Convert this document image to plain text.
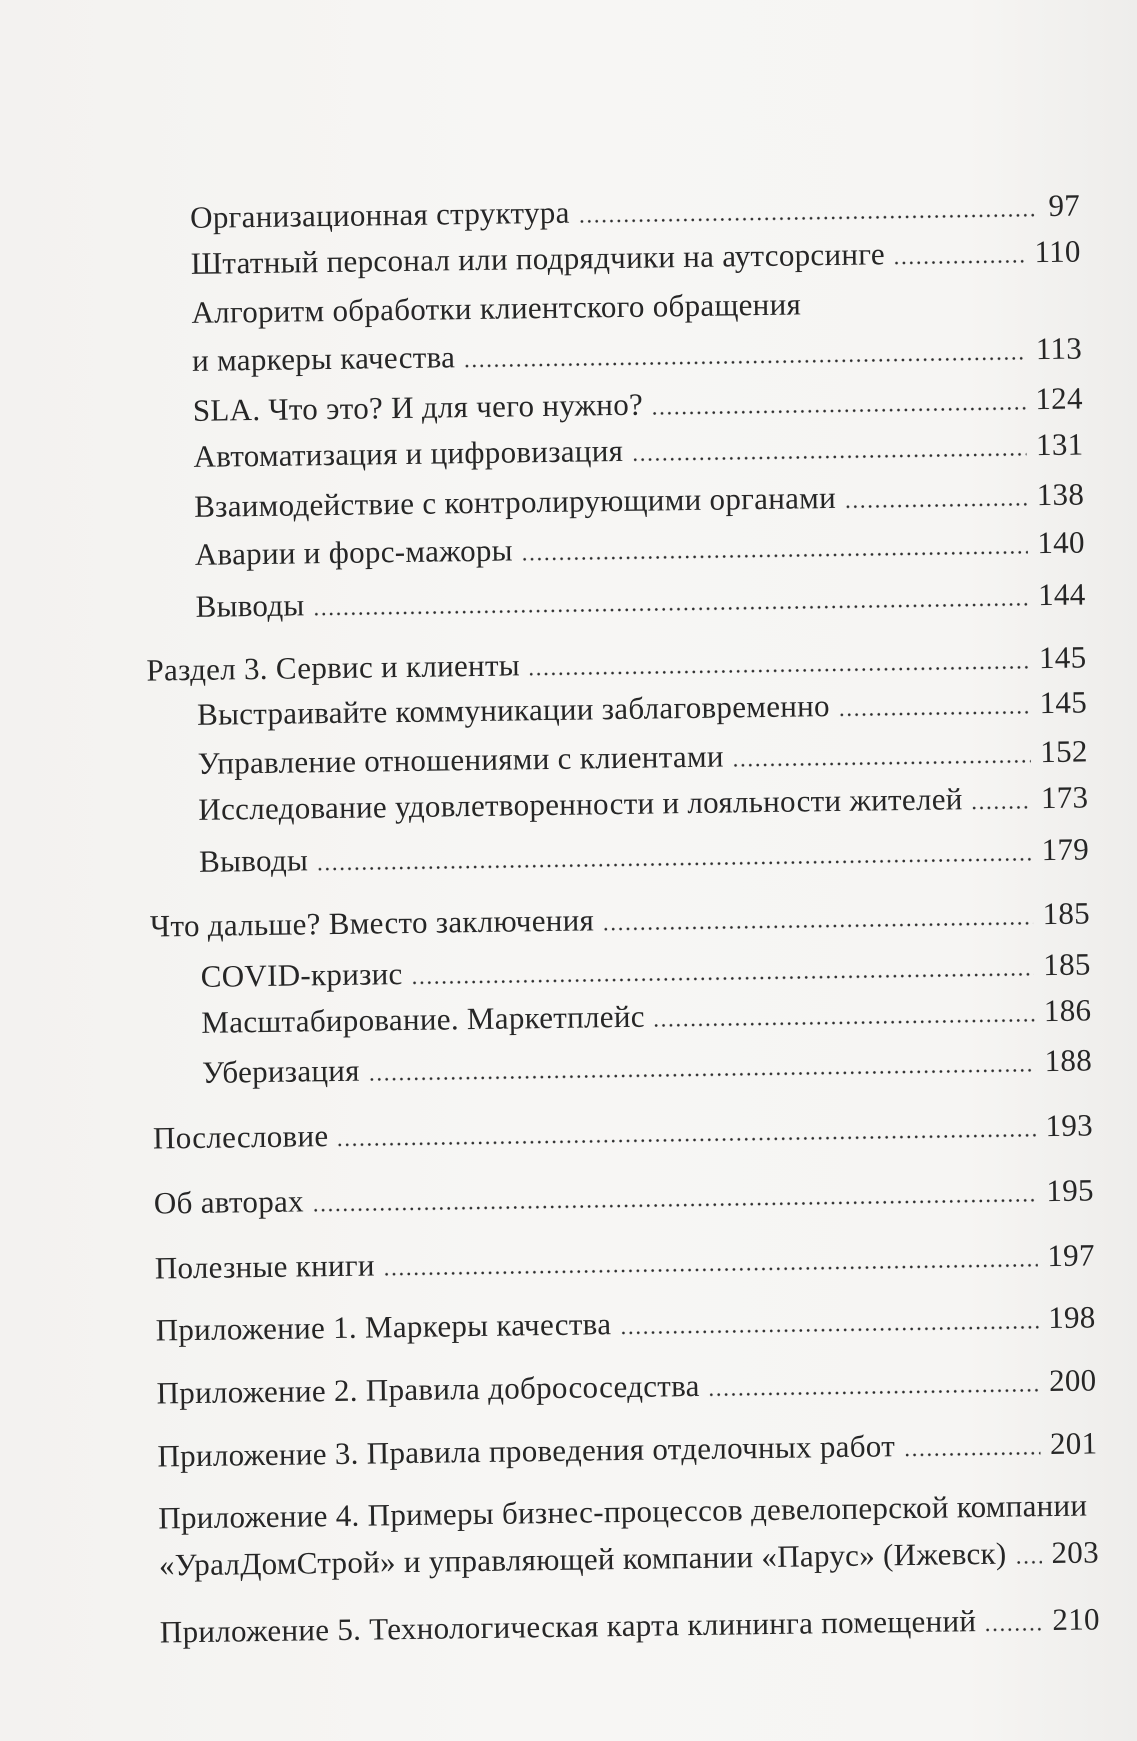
Организационная структура	97
Штатный персонал или подрядчики на аутсорсинге	110
Алгоритм обработки клиентского обращения
и маркеры качества	113
SLA. Что это? И для чего нужно?	124
Автоматизация и цифровизация	131
Взаимодействие с контролирующими органами	138
Аварии и форс-мажоры	140
Выводы	144
Раздел 3. Сервис и клиенты	145
Выстраивайте коммуникации заблаговременно	145
Управление отношениями с клиентами	152
Исследование удовлетворенности и лояльности жителей	173
Выводы	179
Что дальше? Вместо заключения	185
COVID-кризис	185
Масштабирование. Маркетплейс	186
Уберизация	188
Послесловие	193
Об авторах	195
Полезные книги	197
Приложение 1. Маркеры качества	198
Приложение 2. Правила добрососедства	200
Приложение 3. Правила проведения отделочных работ	201
Приложение 4. Примеры бизнес-процессов девелоперской компании
«УралДомСтрой» и управляющей компании «Парус» (Ижевск) 203
Приложение 5. Технологическая карта клининга помещений 210
